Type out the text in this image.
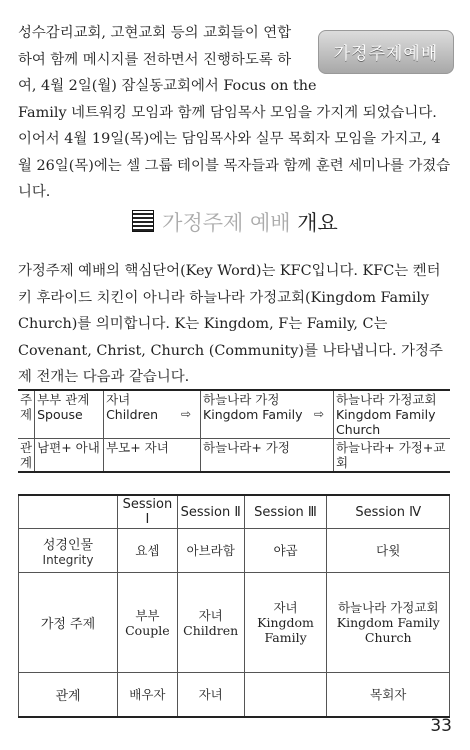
가정주제예배

성수감리교회, 고현교회 등의 교회들이 연합
하여 함께 메시지를 전하면서 진행하도록 하
여, 4월 2일(월) 잠실동교회에서 Focus on the
Family 네트워킹 모임과 함께 담임목사 모임을 가지게 되었습니다. 이어서 4월 19일(목)에는 담임목사와 실무 목회자 모임을 가지고, 4월 26일(목)에는 셀 그룹 테이블 목자들과 함께 훈련 세미나를 가졌습니다.

가정주제 예배 개요

가정주제 예배의 핵심단어(Key Word)는 KFC입니다. KFC는 켄터키 후라이드 치킨이 아니라 하늘나라 가정교회(Kingdom Family Church)를 의미합니다. K는 Kingdom, F는 Family, C는 Covenant, Christ, Church (Community)를 나타냅니다. 가정주제 전개는 다음과 같습니다.

주제	부부 관계 Spouse	자녀 Children	⇨	하늘나라 가정 Kingdom Family	⇨	하늘나라 가정교회 Kingdom Family Church
관계	남편+ 아내	부모+ 자녀		하늘나라+ 가정		하늘나라+ 가정+교회
	Session Ⅰ	Session Ⅱ	Session Ⅲ	Session Ⅳ

성경인물
Integrity	요셉	아브라함	야곱	다윗
가정 주제	부부 Couple	자녀 Children	자녀 Kingdom Family	하늘나라 가정교회 Kingdom Family Church
관계	배우자	자녀		목회자
33
